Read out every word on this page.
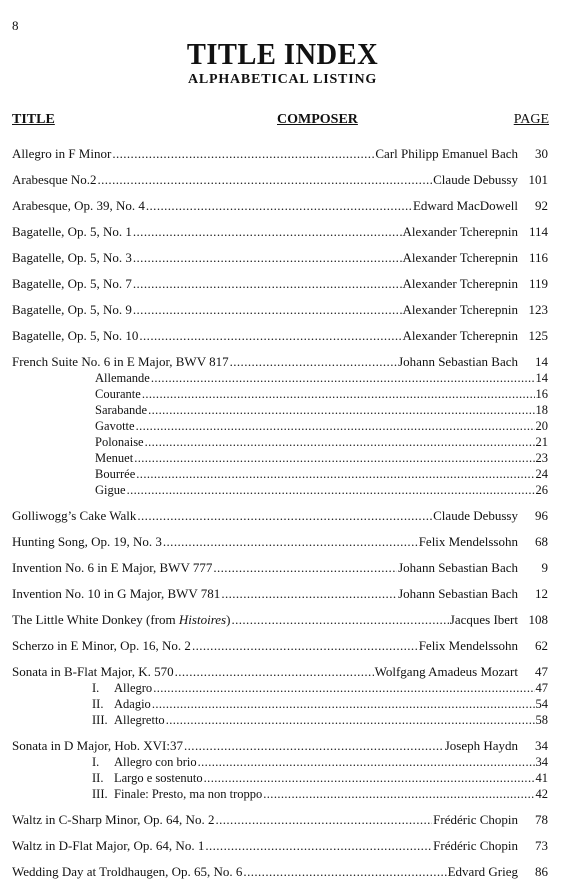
8
TITLE INDEX
ALPHABETICAL LISTING
TITLE	COMPOSER	PAGE
Allegro in F Minor .....	Carl Philipp Emanuel Bach	30
Arabesque No.2 .....	Claude Debussy 101
Arabesque, Op. 39, No. 4 .....	Edward MacDowell	92
Bagatelle, Op. 5, No. 1 .....	Alexander Tcherepnin 114
Bagatelle, Op. 5, No. 3 .....	Alexander Tcherepnin 116
Bagatelle, Op. 5, No. 7 .....	Alexander Tcherepnin 119
Bagatelle, Op. 5, No. 9 .....	Alexander Tcherepnin 123
Bagatelle, Op. 5, No. 10 .....	Alexander Tcherepnin 125
French Suite No. 6 in E Major, BWV 817 .....	Johann Sebastian Bach	14
Allemande .....	14
Courante .....	16
Sarabande .....	18
Gavotte .....	20
Polonaise .....	21
Menuet .....	23
Bourrée .....	24
Gigue .....	26
Golliwogg’s Cake Walk .....	Claude Debussy	96
Hunting Song, Op. 19, No. 3 .....	Felix Mendelssohn	68
Invention No. 6 in E Major, BWV 777 .....	Johann Sebastian Bach	9
Invention No. 10 in G Major, BWV 781 .....	Johann Sebastian Bach	12
The Little White Donkey (from Histoires) .....	Jacques Ibert 108
Scherzo in E Minor, Op. 16, No. 2 .....	Felix Mendelssohn	62
Sonata in B-Flat Major, K. 570 .....	Wolfgang Amadeus Mozart	47
I. Allegro .....	47
II. Adagio .....	54
III. Allegretto .....	58
Sonata in D Major, Hob. XVI:37 .....	Joseph Haydn	34
I. Allegro con brio .....	34
II. Largo e sostenuto .....	41
III. Finale: Presto, ma non troppo .....	42
Waltz in C-Sharp Minor, Op. 64, No. 2 .....	Frédéric Chopin	78
Waltz in D-Flat Major, Op. 64, No. 1 .....	Frédéric Chopin	73
Wedding Day at Troldhaugen, Op. 65, No. 6 .....	Edvard Grieg	86
